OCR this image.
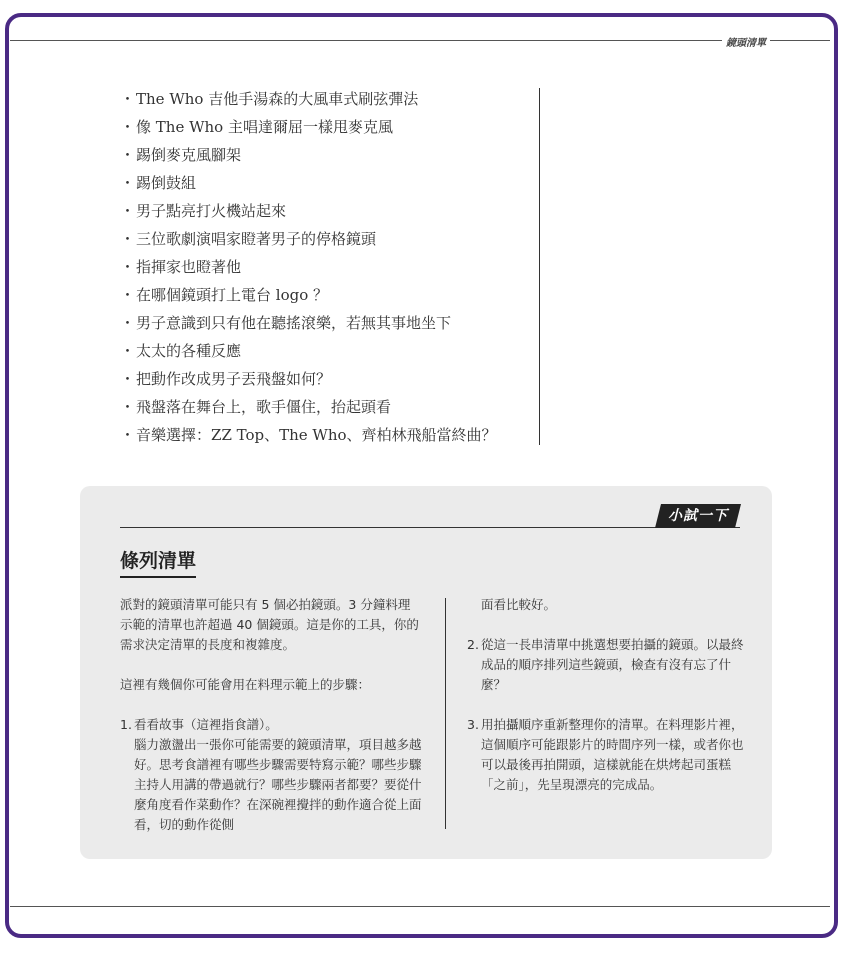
鏡頭清單
・ The Who 吉他手湯森的大風車式刷弦彈法
・ 像 The Who 主唱達爾屈一樣甩麥克風
・ 踢倒麥克風腳架
・ 踢倒鼓組
・ 男子點亮打火機站起來
・ 三位歌劇演唱家瞪著男子的停格鏡頭
・ 指揮家也瞪著他
・ 在哪個鏡頭打上電台 logo ？
・ 男子意識到只有他在聽搖滾樂，若無其事地坐下
・ 太太的各種反應
・ 把動作改成男子丟飛盤如何？
・ 飛盤落在舞台上，歌手僵住，抬起頭看
・ 音樂選擇：ZZ Top、The Who、齊柏林飛船當終曲？
小試一下
條列清單

派對的鏡頭清單可能只有 5 個必拍鏡頭。3 分鐘料理示範的清單也許超過 40 個鏡頭。這是你的工具，你的需求決定清單的長度和複雜度。

這裡有幾個你可能會用在料理示範上的步驟：

1. 看看故事（這裡指食譜）。

腦力激盪出一張你可能需要的鏡頭清單，項目越多越好。思考食譜裡有哪些步驟需要特寫示範？哪些步驟主持人用講的帶過就行？哪些步驟兩者都要？要從什麼角度看作菜動作？在深碗裡攪拌的動作適合從上面看，切的動作從側

面看比較好。

2. 從這一長串清單中挑選想要拍攝的鏡頭。以最終成品的順序排列這些鏡頭，檢查有沒有忘了什麼？
3. 用拍攝順序重新整理你的清單。在料理影片裡，這個順序可能跟影片的時間序列一樣，或者你也可以最後再拍開頭，這樣就能在烘烤起司蛋糕「之前」，先呈現漂亮的完成品。
